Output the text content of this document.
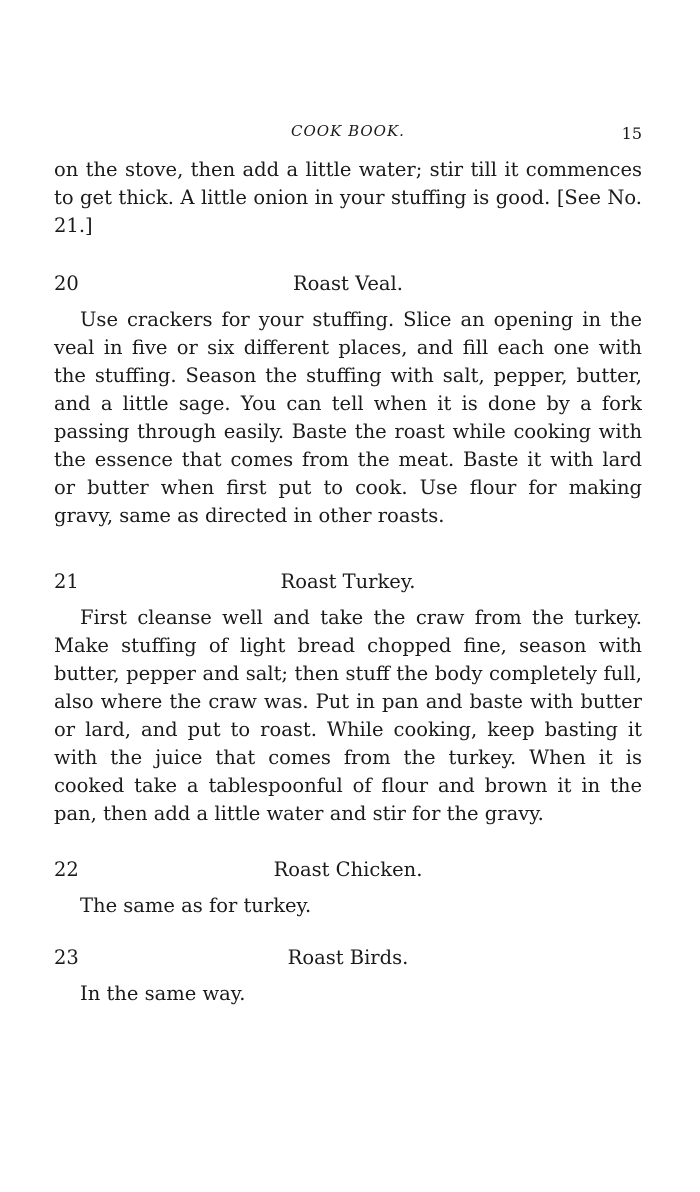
COOK BOOK.	15

on the stove, then add a little water; stir till it commences to get thick. A little onion in your stuffing is good. [See No. 21.]

20	Roast Veal.

Use crackers for your stuffing. Slice an opening in the veal in five or six different places, and fill each one with the stuffing. Season the stuffing with salt, pepper, butter, and a little sage. You can tell when it is done by a fork passing through easily. Baste the roast while cooking with the essence that comes from the meat. Baste it with lard or butter when first put to cook. Use flour for making gravy, same as directed in other roasts.

21	Roast Turkey.

First cleanse well and take the craw from the turkey. Make stuffing of light bread chopped fine, season with butter, pepper and salt; then stuff the body completely full, also where the craw was. Put in pan and baste with butter or lard, and put to roast. While cooking, keep basting it with the juice that comes from the turkey. When it is cooked take a tablespoonful of flour and brown it in the pan, then add a little water and stir for the gravy.

22	Roast Chicken.

The same as for turkey.

23	Roast Birds.

In the same way.
